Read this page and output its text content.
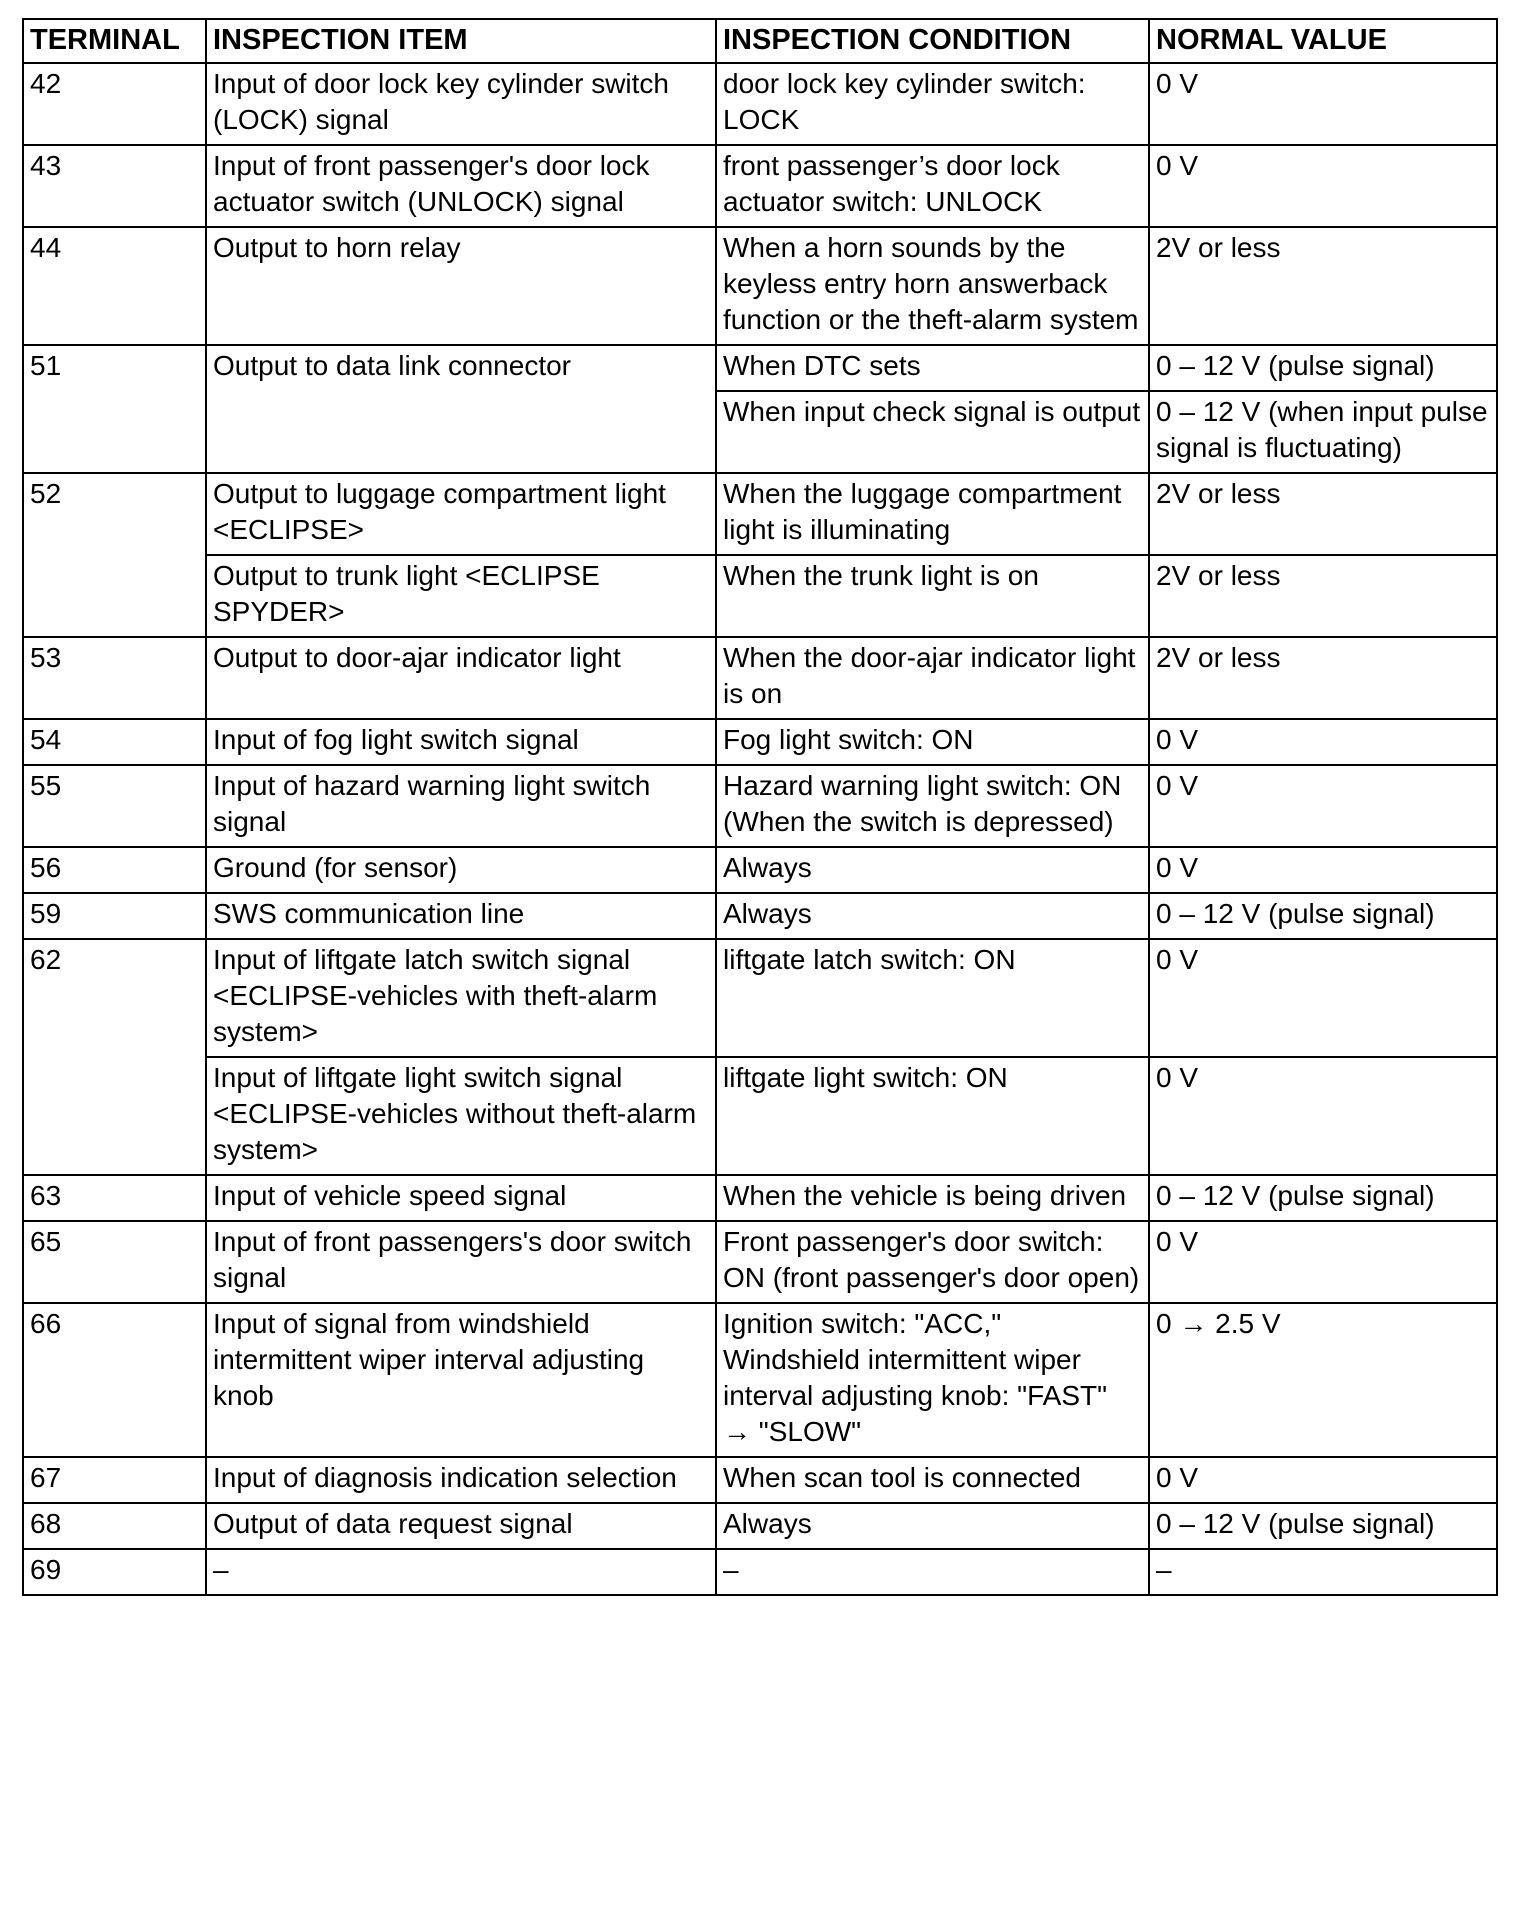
TERMINAL	INSPECTION ITEM	INSPECTION CONDITION	NORMAL VALUE
42	Input of door lock key cylinder switch (LOCK) signal	door lock key cylinder switch: LOCK	0 V
43	Input of front passenger's door lock actuator switch (UNLOCK) signal	front passenger’s door lock actuator switch: UNLOCK	0 V
44	Output to horn relay	When a horn sounds by the keyless entry horn answerback function or the theft-alarm system	2V or less
51	Output to data link connector	When DTC sets	0 – 12 V (pulse signal)
		When input check signal is output	0 – 12 V (when input pulse signal is fluctuating)
52	Output to luggage compartment light <ECLIPSE>	When the luggage compartment light is illuminating	2V or less
	Output to trunk light <ECLIPSE SPYDER>	When the trunk light is on	2V or less
53	Output to door-ajar indicator light	When the door-ajar indicator light is on	2V or less
54	Input of fog light switch signal	Fog light switch: ON	0 V
55	Input of hazard warning light switch signal	Hazard warning light switch: ON (When the switch is depressed)	0 V
56	Ground (for sensor)	Always	0 V
59	SWS communication line	Always	0 – 12 V (pulse signal)
62	Input of liftgate latch switch signal <ECLIPSE-vehicles with theft-alarm system>	liftgate latch switch: ON	0 V
	Input of liftgate light switch signal <ECLIPSE-vehicles without theft-alarm system>	liftgate light switch: ON	0 V
63	Input of vehicle speed signal	When the vehicle is being driven	0 – 12 V (pulse signal)
65	Input of front passengers's door switch signal	Front passenger's door switch: ON (front passenger's door open)	0 V
66	Input of signal from windshield intermittent wiper interval adjusting knob	Ignition switch: "ACC," Windshield intermittent wiper interval adjusting knob: "FAST" → "SLOW"	0 → 2.5 V
67	Input of diagnosis indication selection	When scan tool is connected	0 V
68	Output of data request signal	Always	0 – 12 V (pulse signal)
69	–	–	–
